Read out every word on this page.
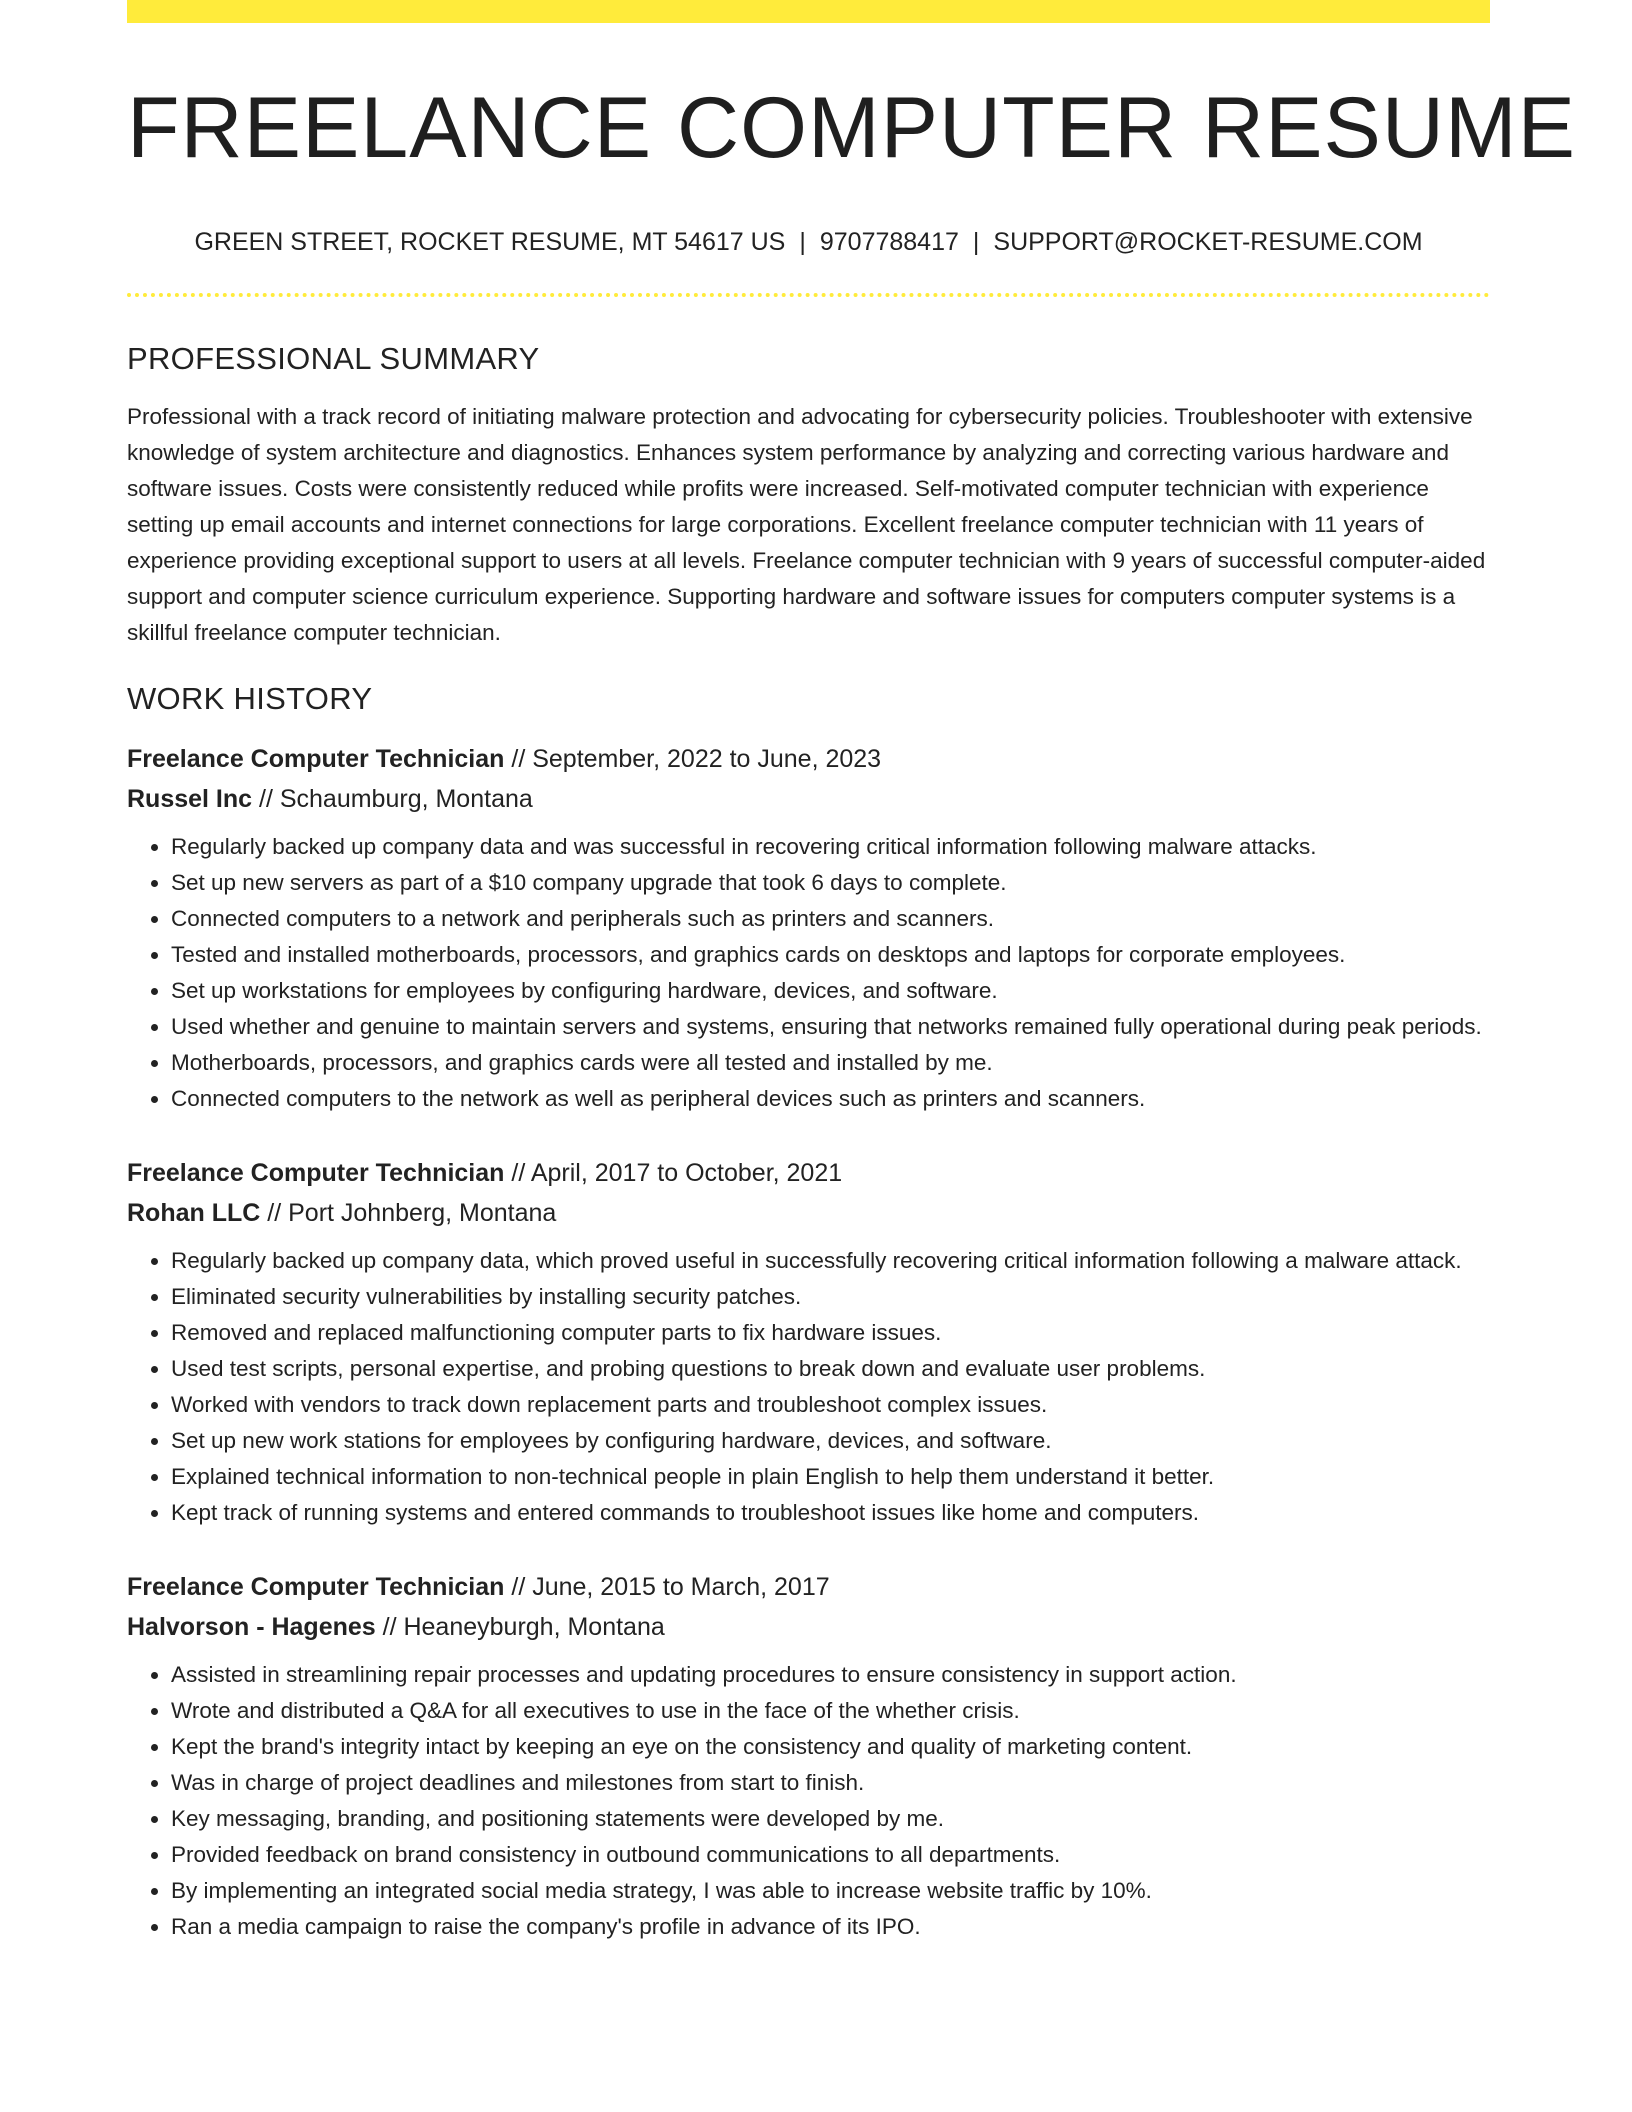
FREELANCE COMPUTER RESUME
GREEN STREET, ROCKET RESUME, MT 54617 US | 9707788417 | SUPPORT@ROCKET-RESUME.COM
PROFESSIONAL SUMMARY

Professional with a track record of initiating malware protection and advocating for cybersecurity policies. Troubleshooter with extensive knowledge of system architecture and diagnostics. Enhances system performance by analyzing and correcting various hardware and software issues. Costs were consistently reduced while profits were increased. Self-motivated computer technician with experience setting up email accounts and internet connections for large corporations. Excellent freelance computer technician with 11 years of experience providing exceptional support to users at all levels. Freelance computer technician with 9 years of successful computer-aided support and computer science curriculum experience. Supporting hardware and software issues for computers computer systems is a skillful freelance computer technician.

WORK HISTORY
Freelance Computer Technician // September, 2022 to June, 2023
Russel Inc // Schaumburg, Montana
• Regularly backed up company data and was successful in recovering critical information following malware attacks.
• Set up new servers as part of a $10 company upgrade that took 6 days to complete.
• Connected computers to a network and peripherals such as printers and scanners.
• Tested and installed motherboards, processors, and graphics cards on desktops and laptops for corporate employees.
• Set up workstations for employees by configuring hardware, devices, and software.
• Used whether and genuine to maintain servers and systems, ensuring that networks remained fully operational during peak periods.
• Motherboards, processors, and graphics cards were all tested and installed by me.
• Connected computers to the network as well as peripheral devices such as printers and scanners.
Freelance Computer Technician // April, 2017 to October, 2021
Rohan LLC // Port Johnberg, Montana
• Regularly backed up company data, which proved useful in successfully recovering critical information following a malware attack.
• Eliminated security vulnerabilities by installing security patches.
• Removed and replaced malfunctioning computer parts to fix hardware issues.
• Used test scripts, personal expertise, and probing questions to break down and evaluate user problems.
• Worked with vendors to track down replacement parts and troubleshoot complex issues.
• Set up new work stations for employees by configuring hardware, devices, and software.
• Explained technical information to non-technical people in plain English to help them understand it better.
• Kept track of running systems and entered commands to troubleshoot issues like home and computers.
Freelance Computer Technician // June, 2015 to March, 2017
Halvorson - Hagenes // Heaneyburgh, Montana
• Assisted in streamlining repair processes and updating procedures to ensure consistency in support action.
• Wrote and distributed a Q&A for all executives to use in the face of the whether crisis.
• Kept the brand's integrity intact by keeping an eye on the consistency and quality of marketing content.
• Was in charge of project deadlines and milestones from start to finish.
• Key messaging, branding, and positioning statements were developed by me.
• Provided feedback on brand consistency in outbound communications to all departments.
• By implementing an integrated social media strategy, I was able to increase website traffic by 10%.
• Ran a media campaign to raise the company's profile in advance of its IPO.
